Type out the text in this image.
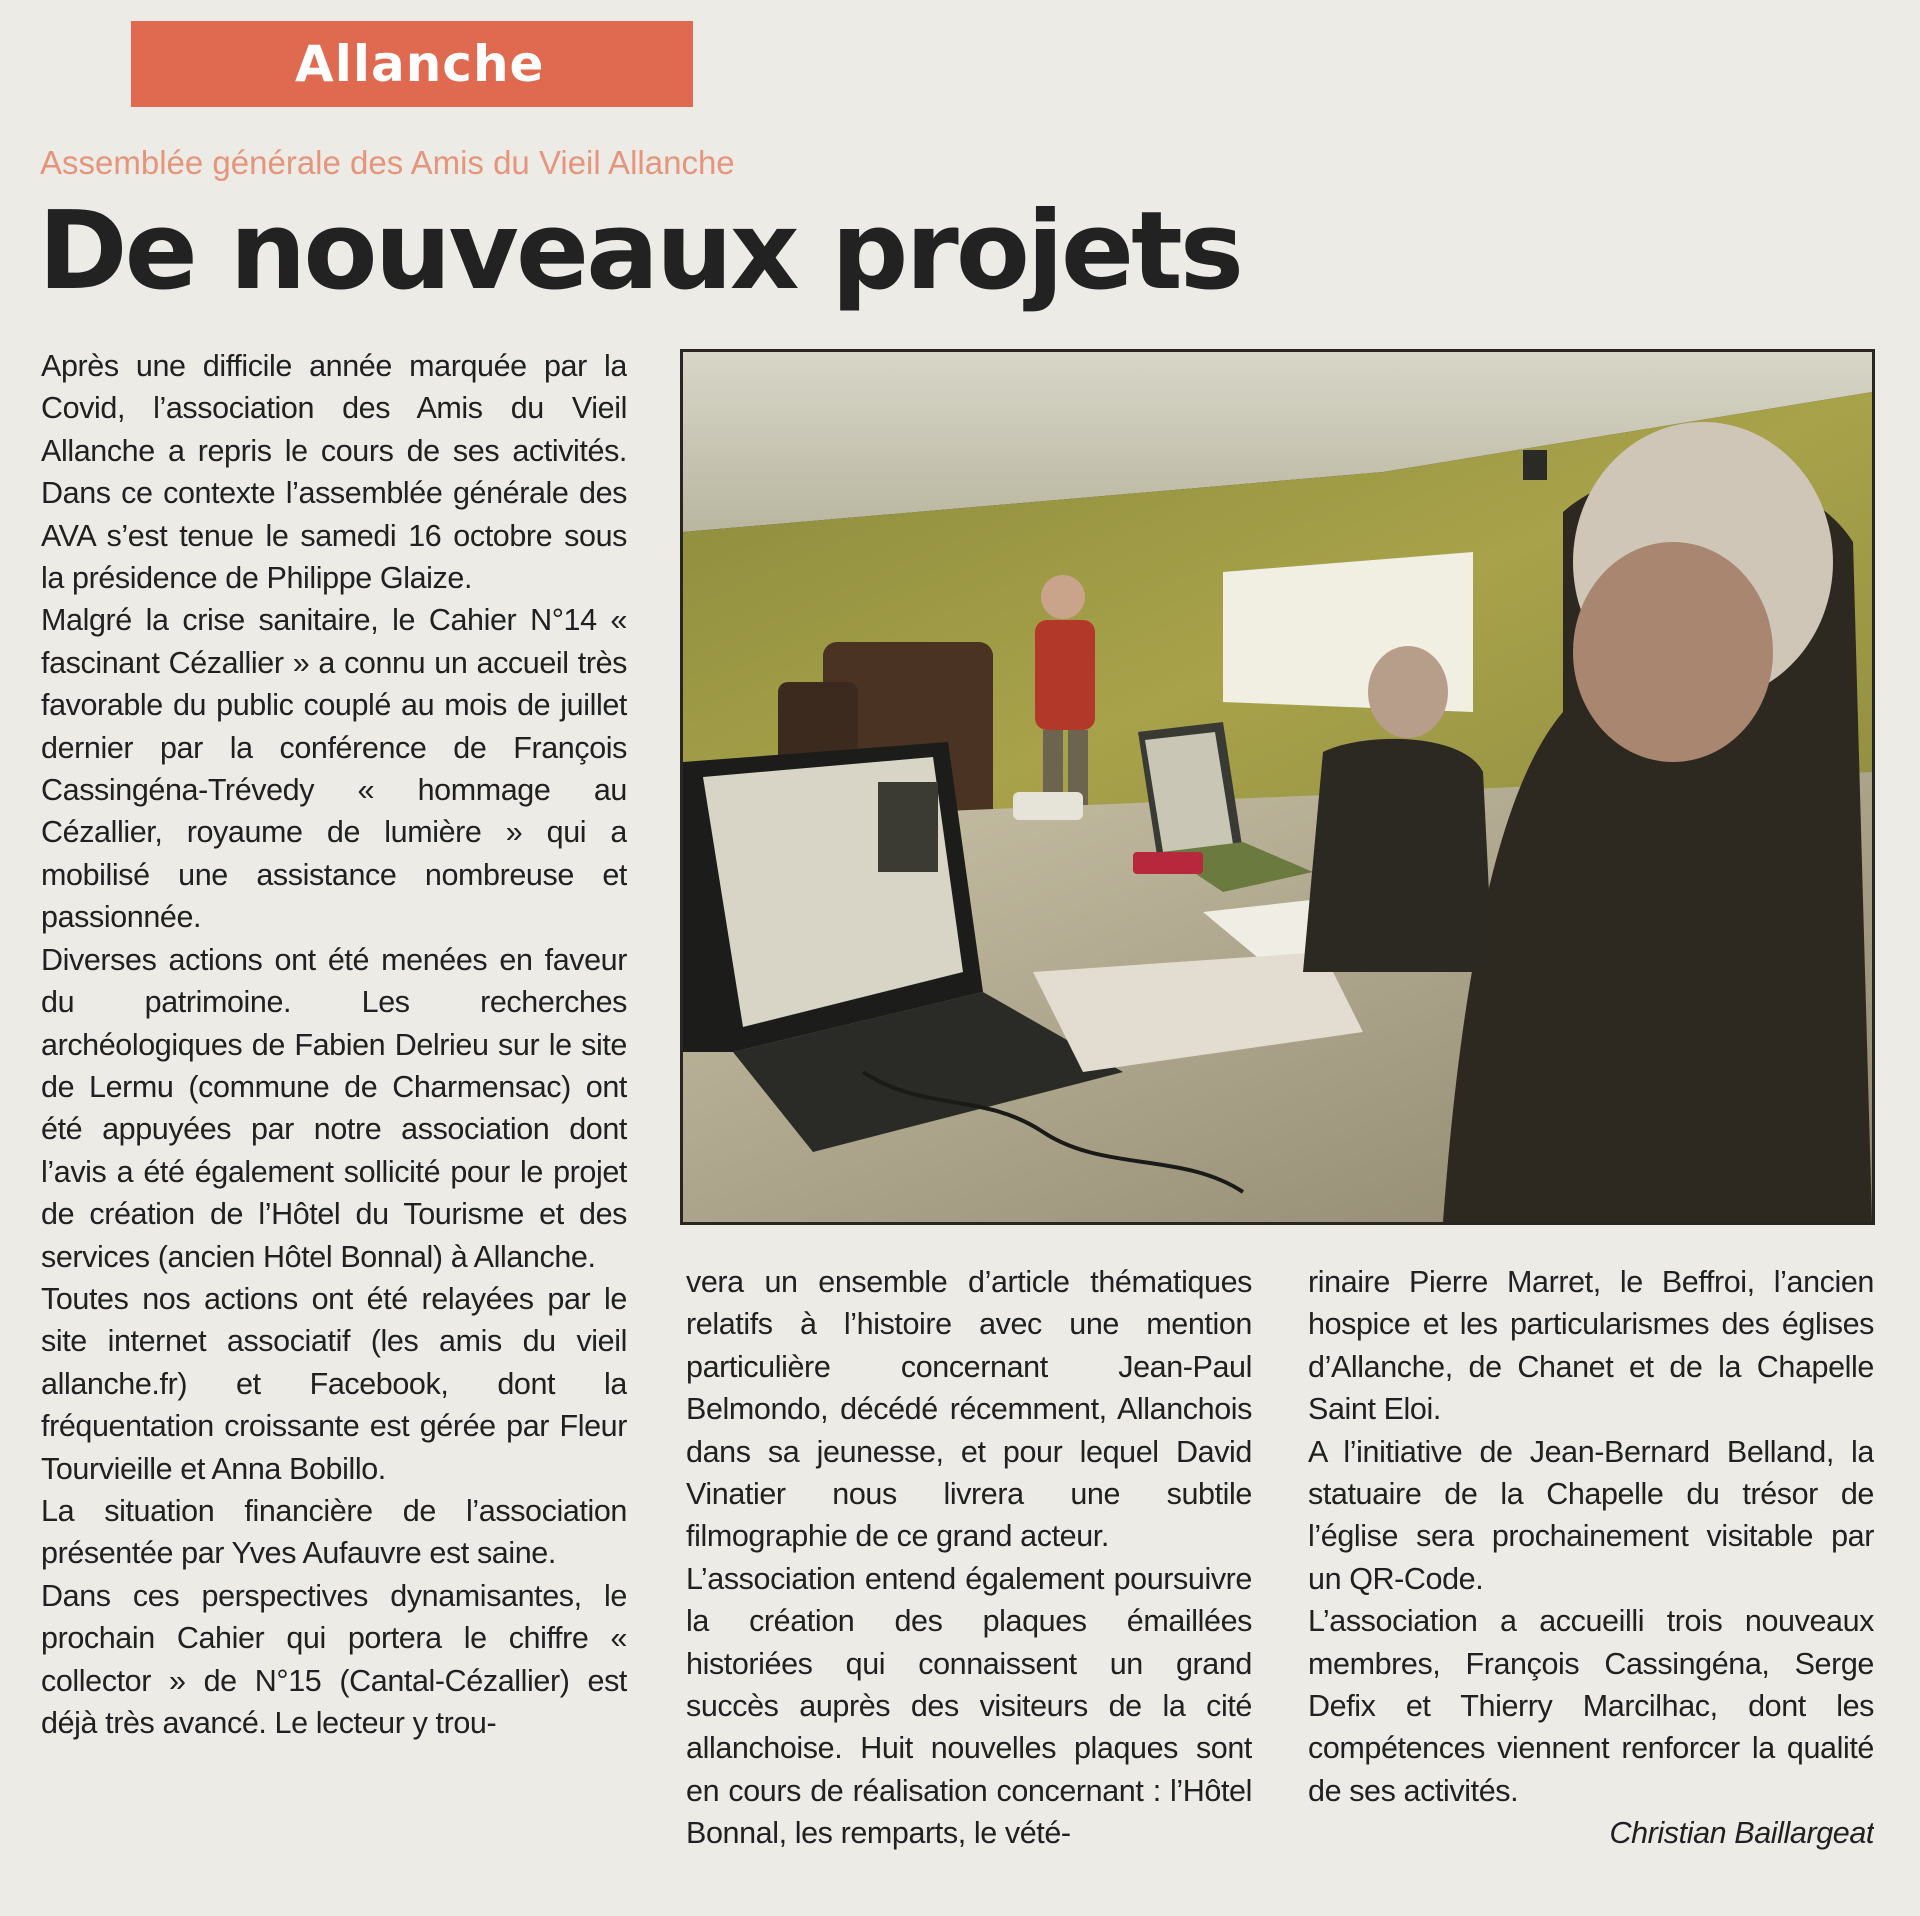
Allanche
Assemblée générale des Amis du Vieil Allanche
De nouveaux projets

Après une difficile année marquée par la Covid, l’association des Amis du Vieil Allanche a repris le cours de ses activités. Dans ce contexte l’assemblée générale des AVA s’est tenue le samedi 16 octobre sous la présidence de Philippe Glaize.

Malgré la crise sanitaire, le Cahier N°14 « fascinant Cézallier » a connu un accueil très favorable du public couplé au mois de juillet dernier par la conférence de François Cassingéna-Trévedy « hommage au Cézallier, royaume de lumière » qui a mobilisé une assistance nombreuse et passionnée.

Diverses actions ont été menées en faveur du patrimoine. Les recherches archéologiques de Fabien Delrieu sur le site de Lermu (commune de Charmensac) ont été appuyées par notre association dont l’avis a été également sollicité pour le projet de création de l’Hôtel du Tourisme et des services (ancien Hôtel Bonnal) à Allanche.

Toutes nos actions ont été relayées par le site internet associatif (les amis du vieil allanche.fr) et Facebook, dont la fréquentation croissante est gérée par Fleur Tourvieille et Anna Bobillo.

La situation financière de l’association présentée par Yves Aufauvre est saine.

Dans ces perspectives dynamisantes, le prochain Cahier qui portera le chiffre « collector » de N°15 (Cantal-Cézallier) est déjà très avancé. Le lecteur y trou-

vera un ensemble d’article thématiques relatifs à l’histoire avec une mention particulière concernant Jean-Paul Belmondo, décédé récemment, Allanchois dans sa jeunesse, et pour lequel David Vinatier nous livrera une subtile filmographie de ce grand acteur.

L’association entend également poursuivre la création des plaques émaillées historiées qui connaissent un grand succès auprès des visiteurs de la cité allanchoise. Huit nouvelles plaques sont en cours de réalisation concernant : l’Hôtel Bonnal, les remparts, le vété-

rinaire Pierre Marret, le Beffroi, l’ancien hospice et les particularismes des églises d’Allanche, de Chanet et de la Chapelle Saint Eloi.

A l’initiative de Jean-Bernard Belland, la statuaire de la Chapelle du trésor de l’église sera prochainement visitable par un QR-Code.

L’association a accueilli trois nouveaux membres, François Cassingéna, Serge Defix et Thierry Marcilhac, dont les compétences viennent renforcer la qualité de ses activités.

Christian Baillargeat
